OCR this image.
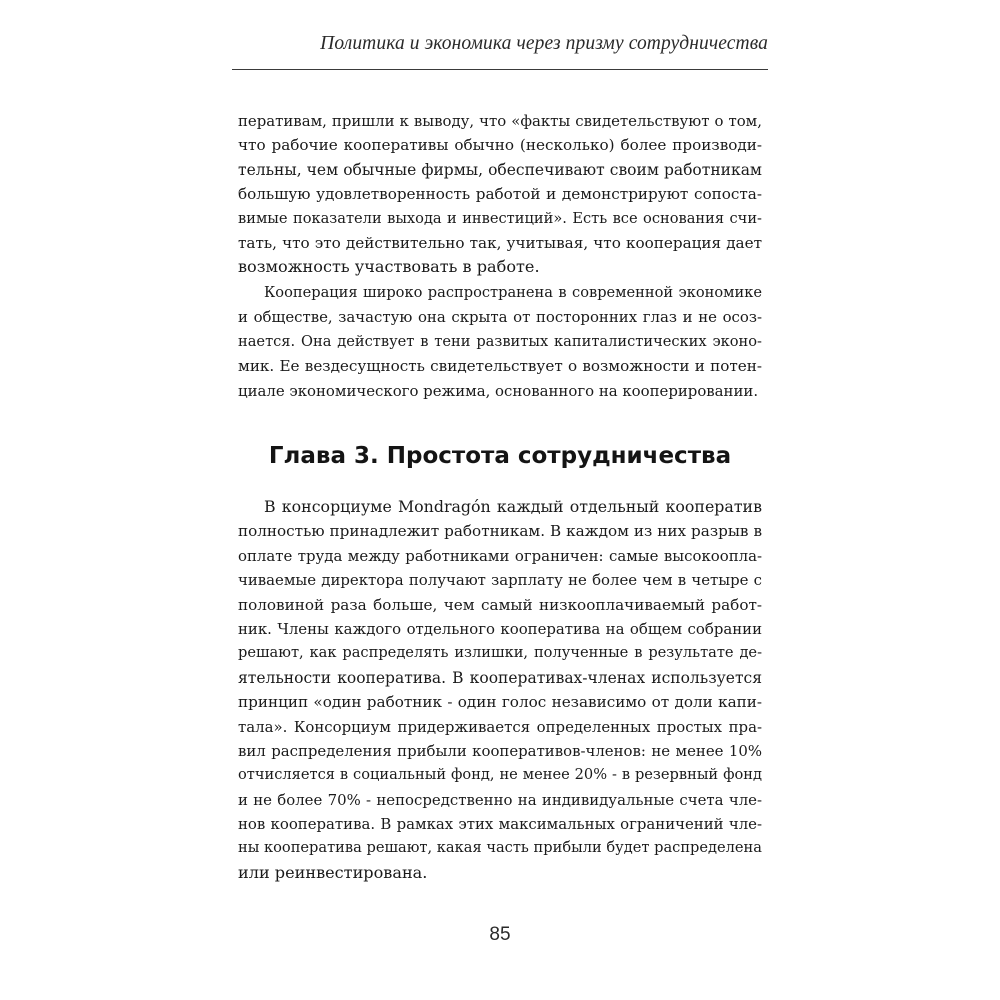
Политика и экономика через призму сотрудничества
перативам, пришли к выводу, что «факты свидетельствуют о том,
что рабочие кооперативы обычно (несколько) более производи-
тельны, чем обычные фирмы, обеспечивают своим работникам
большую удовлетворенность работой и демонстрируют сопоста-
вимые показатели выхода и инвестиций». Есть все основания счи-
тать, что это действительно так, учитывая, что кооперация дает
возможность участвовать в работе.
Кооперация широко распространена в современной экономике
и обществе, зачастую она скрыта от посторонних глаз и не осоз-
нается. Она действует в тени развитых капиталистических эконо-
мик. Ее вездесущность свидетельствует о возможности и потен-
циале экономического режима, основанного на кооперировании.
Глава 3. Простота сотрудничества
В консорциуме Mondragón каждый отдельный кооператив
полностью принадлежит работникам. В каждом из них разрыв в
оплате труда между работниками ограничен: самые высокоопла-
чиваемые директора получают зарплату не более чем в четыре с
половиной раза больше, чем самый низкооплачиваемый работ-
ник. Члены каждого отдельного кооператива на общем собрании
решают, как распределять излишки, полученные в результате де-
ятельности кооператива. В кооперативах-членах используется
принцип «один работник - один голос независимо от доли капи-
тала». Консорциум придерживается определенных простых пра-
вил распределения прибыли кооперативов-членов: не менее 10%
отчисляется в социальный фонд, не менее 20% - в резервный фонд
и не более 70% - непосредственно на индивидуальные счета чле-
нов кооператива. В рамках этих максимальных ограничений чле-
ны кооператива решают, какая часть прибыли будет распределена
или реинвестирована.
85
